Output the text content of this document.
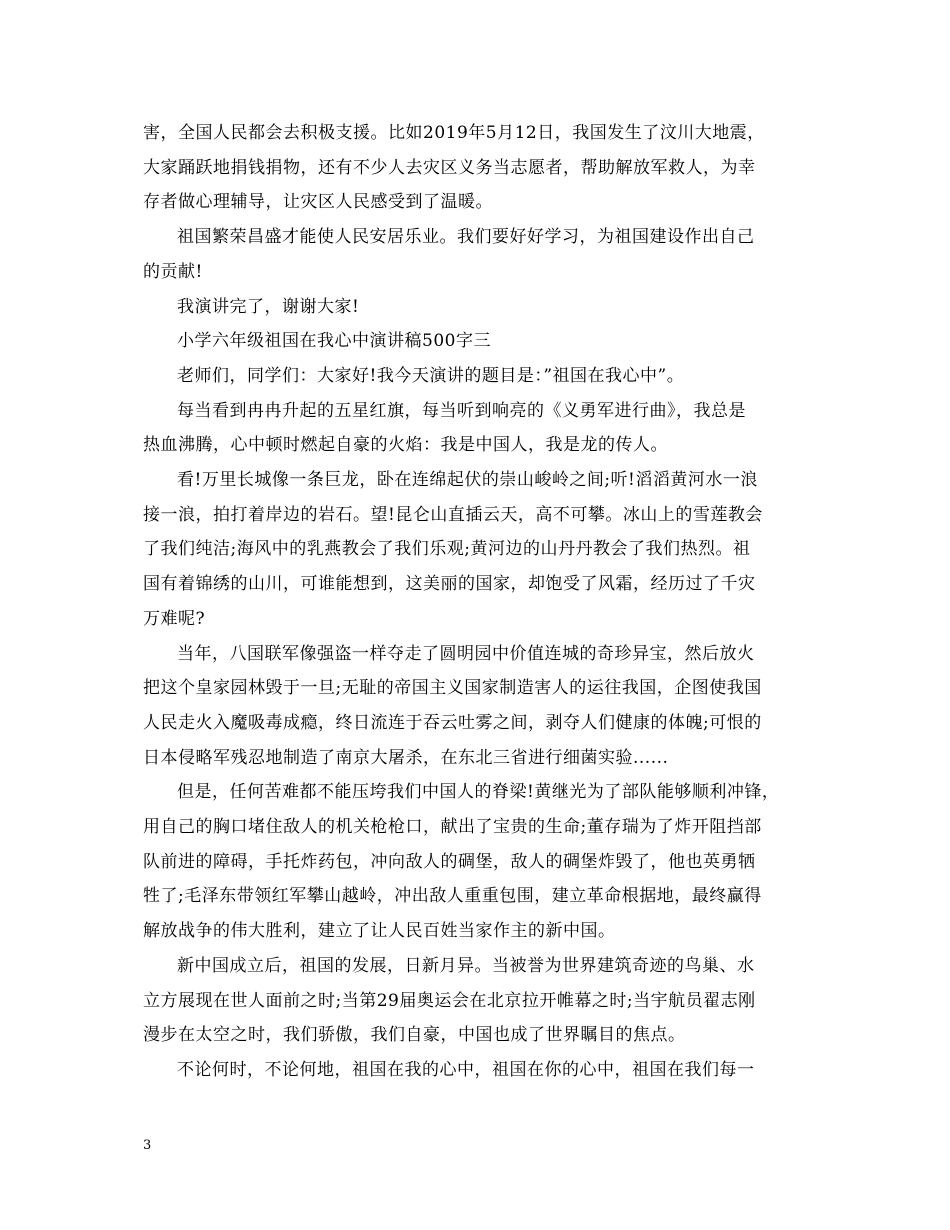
害，全国人民都会去积极支援。比如2019年5月12日，我国发生了汶川大地震，
大家踊跃地捐钱捐物，还有不少人去灾区义务当志愿者，帮助解放军救人，为幸
存者做心理辅导，让灾区人民感受到了温暖。
祖国繁荣昌盛才能使人民安居乐业。我们要好好学习，为祖国建设作出自己
的贡献!
我演讲完了，谢谢大家!
小学六年级祖国在我心中演讲稿500字三
老师们，同学们：大家好!我今天演讲的题目是：”祖国在我心中”。
每当看到冉冉升起的五星红旗，每当听到响亮的《义勇军进行曲》，我总是
热血沸腾，心中顿时燃起自豪的火焰：我是中国人，我是龙的传人。
看!万里长城像一条巨龙，卧在连绵起伏的崇山峻岭之间;听!滔滔黄河水一浪
接一浪，拍打着岸边的岩石。望!昆仑山直插云天，高不可攀。冰山上的雪莲教会
了我们纯洁;海风中的乳燕教会了我们乐观;黄河边的山丹丹教会了我们热烈。祖
国有着锦绣的山川，可谁能想到，这美丽的国家，却饱受了风霜，经历过了千灾
万难呢?
当年，八国联军像强盗一样夺走了圆明园中价值连城的奇珍异宝，然后放火
把这个皇家园林毁于一旦;无耻的帝国主义国家制造害人的运往我国，企图使我国
人民走火入魔吸毒成瘾，终日流连于吞云吐雾之间，剥夺人们健康的体魄;可恨的
日本侵略军残忍地制造了南京大屠杀，在东北三省进行细菌实验......
但是，任何苦难都不能压垮我们中国人的脊梁!黄继光为了部队能够顺利冲锋，
用自己的胸口堵住敌人的机关枪枪口，献出了宝贵的生命;董存瑞为了炸开阻挡部
队前进的障碍，手托炸药包，冲向敌人的碉堡，敌人的碉堡炸毁了，他也英勇牺
牲了;毛泽东带领红军攀山越岭，冲出敌人重重包围，建立革命根据地，最终赢得
解放战争的伟大胜利，建立了让人民百姓当家作主的新中国。
新中国成立后，祖国的发展，日新月异。当被誉为世界建筑奇迹的鸟巢、水
立方展现在世人面前之时;当第29届奥运会在北京拉开帷幕之时;当宇航员翟志刚
漫步在太空之时，我们骄傲，我们自豪，中国也成了世界瞩目的焦点。
不论何时，不论何地，祖国在我的心中，祖国在你的心中，祖国在我们每一
3
